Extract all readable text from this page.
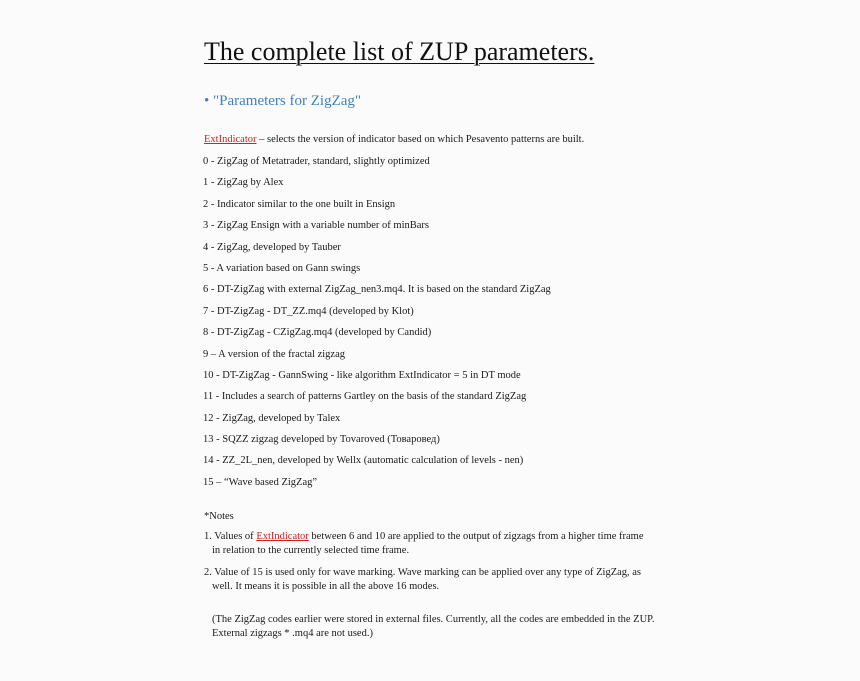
The complete list of ZUP parameters.
• "Parameters for ZigZag"
ExtIndicator – selects the version of indicator based on which Pesavento patterns are built.
0 - ZigZag of Metatrader, standard, slightly optimized
1 - ZigZag by Alex
2 - Indicator similar to the one built in Ensign
3 - ZigZag Ensign with a variable number of minBars
4 - ZigZag, developed by Tauber
5 - A variation based on Gann swings
6 - DT-ZigZag with external ZigZag_nen3.mq4. It is based on the standard ZigZag
7 - DT-ZigZag - DT_ZZ.mq4 (developed by Klot)
8 - DT-ZigZag - CZigZag.mq4 (developed by Candid)
9 – A version of the fractal zigzag
10 - DT-ZigZag - GannSwing - like algorithm ExtIndicator = 5 in DT mode
11 - Includes a search of patterns Gartley on the basis of the standard ZigZag
12 - ZigZag, developed by Talex
13 - SQZZ zigzag developed by Tovaroved (Товаровед)
14 - ZZ_2L_nen, developed by Wellx (automatic calculation of levels - nen)
15 – “Wave based ZigZag”
*Notes
1. Values of ExtIndicator between 6 and 10 are applied to the output of zigzags from a higher time frame
in relation to the currently selected time frame.
2. Value of 15 is used only for wave marking. Wave marking can be applied over any type of ZigZag, as
well. It means it is possible in all the above 16 modes.
(The ZigZag codes earlier were stored in external files. Currently, all the codes are embedded in the ZUP. External zigzags * .mq4 are not used.)
